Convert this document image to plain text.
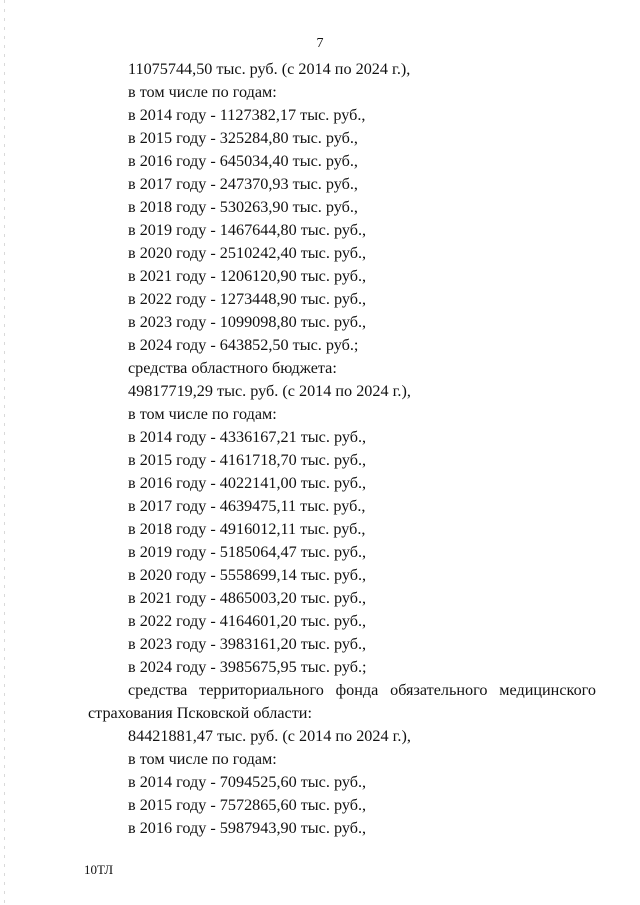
7

11075744,50 тыс. руб. (с 2014 по 2024 г.),

в том числе по годам:

в 2014 году - 1127382,17 тыс. руб.,

в 2015 году - 325284,80 тыс. руб.,

в 2016 году - 645034,40 тыс. руб.,

в 2017 году - 247370,93 тыс. руб.,

в 2018 году - 530263,90 тыс. руб.,

в 2019 году - 1467644,80 тыс. руб.,

в 2020 году - 2510242,40 тыс. руб.,

в 2021 году - 1206120,90 тыс. руб.,

в 2022 году - 1273448,90 тыс. руб.,

в 2023 году - 1099098,80 тыс. руб.,

в 2024 году - 643852,50 тыс. руб.;

средства областного бюджета:

49817719,29 тыс. руб. (с 2014 по 2024 г.),

в том числе по годам:

в 2014 году - 4336167,21 тыс. руб.,

в 2015 году - 4161718,70 тыс. руб.,

в 2016 году - 4022141,00 тыс. руб.,

в 2017 году - 4639475,11 тыс. руб.,

в 2018 году - 4916012,11 тыс. руб.,

в 2019 году - 5185064,47 тыс. руб.,

в 2020 году - 5558699,14 тыс. руб.,

в 2021 году - 4865003,20 тыс. руб.,

в 2022 году - 4164601,20 тыс. руб.,

в 2023 году - 3983161,20 тыс. руб.,

в 2024 году - 3985675,95 тыс. руб.;

средства территориального фонда обязательного медицинского

страхования Псковской области:

84421881,47 тыс. руб. (с 2014 по 2024 г.),

в том числе по годам:

в 2014 году - 7094525,60 тыс. руб.,

в 2015 году - 7572865,60 тыс. руб.,

в 2016 году - 5987943,90 тыс. руб.,

10ТЛ
